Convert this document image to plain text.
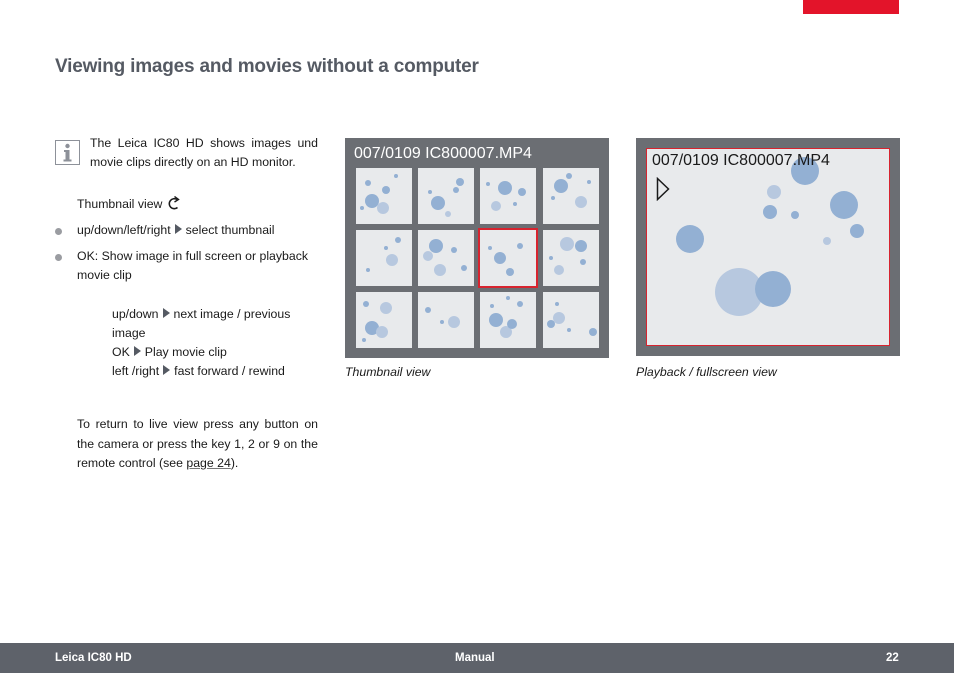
Viewing images and movies without a computer

The Leica IC80 HD shows images und movie clips directly on an HD monitor.

Thumbnail view

up/down/left/right select thumbnail

OK: Show image in full screen or playback
movie clip

up/down next image / previous
image

OK Play movie clip

left /right fast forward / rewind

To return to live view press any button on the camera or press the key 1, 2 or 9 on the remote control (see page 24).

007/0109 IC800007.MP4

Thumbnail view

007/0109 IC800007.MP4

Playback / fullscreen view

Leica IC80 HD	Manual	22
